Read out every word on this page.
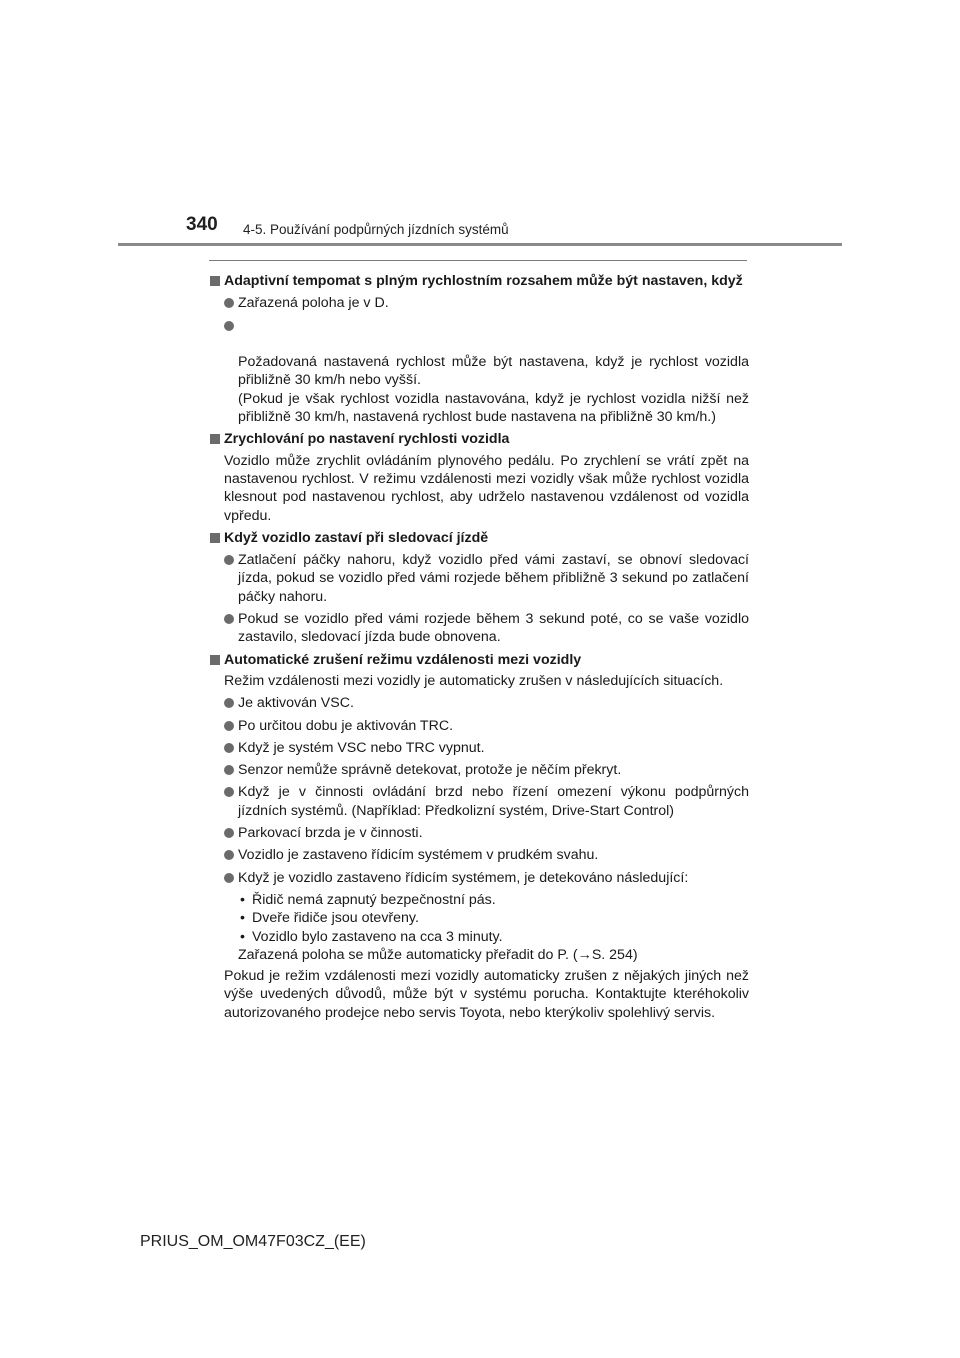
340 4-5. Používání podpůrných jízdních systémů
Adaptivní tempomat s plným rychlostním rozsahem může být nastaven, když
Zařazená poloha je v D.

Požadovaná nastavená rychlost může být nastavena, když je rychlost vozidla přibližně 30 km/h nebo vyšší.
(Pokud je však rychlost vozidla nastavována, když je rychlost vozidla nižší než přibližně 30 km/h, nastavená rychlost bude nastavena na přibližně 30 km/h.)

Zrychlování po nastavení rychlosti vozidla
Vozidlo může zrychlit ovládáním plynového pedálu. Po zrychlení se vrátí zpět na nastavenou rychlost. V režimu vzdálenosti mezi vozidly však může rychlost vozidla klesnout pod nastavenou rychlost, aby udrželo nastavenou vzdálenost od vozidla vpředu.
Když vozidlo zastaví při sledovací jízdě
Zatlačení páčky nahoru, když vozidlo před vámi zastaví, se obnoví sledovací jízda, pokud se vozidlo před vámi rozjede během přibližně 3 sekund po zatlačení páčky nahoru.
Pokud se vozidlo před vámi rozjede během 3 sekund poté, co se vaše vozidlo zastavilo, sledovací jízda bude obnovena.
Automatické zrušení režimu vzdálenosti mezi vozidly
Režim vzdálenosti mezi vozidly je automaticky zrušen v následujících situacích.
Je aktivován VSC.
Po určitou dobu je aktivován TRC.
Když je systém VSC nebo TRC vypnut.
Senzor nemůže správně detekovat, protože je něčím překryt.
Když je v činnosti ovládání brzd nebo řízení omezení výkonu podpůrných jízdních systémů. (Například: Předkolizní systém, Drive-Start Control)
Parkovací brzda je v činnosti.
Vozidlo je zastaveno řídicím systémem v prudkém svahu.
Když je vozidlo zastaveno řídicím systémem, je detekováno následující:
• Řidič nemá zapnutý bezpečnostní pás.
• Dveře řidiče jsou otevřeny.
• Vozidlo bylo zastaveno na cca 3 minuty.
Zařazená poloha se může automaticky přeřadit do P. (→S. 254)
Pokud je režim vzdálenosti mezi vozidly automaticky zrušen z nějakých jiných než výše uvedených důvodů, může být v systému porucha. Kontaktujte kteréhokoliv autorizovaného prodejce nebo servis Toyota, nebo kterýkoliv spolehlivý servis.
PRIUS_OM_OM47F03CZ_(EE)
